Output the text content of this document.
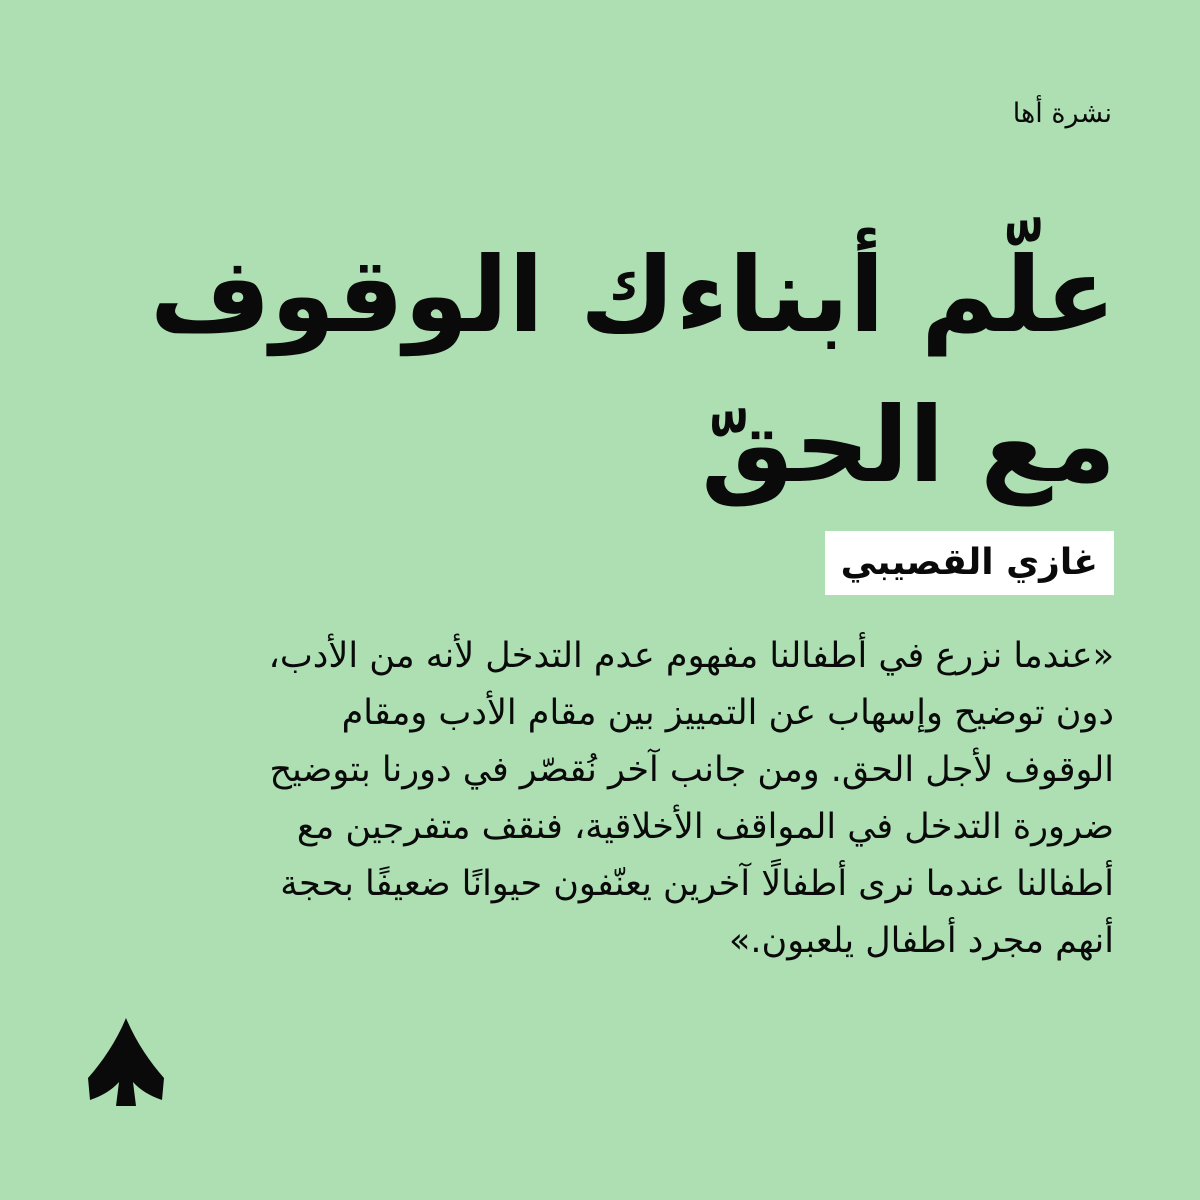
نشرة أها
علّم أبناءك الوقوف
مع الحقّ
غازي القصيبي

«عندما نزرع في أطفالنا مفهوم عدم التدخل لأنه من الأدب،
دون توضيح وإسهاب عن التمييز بين مقام الأدب ومقام
الوقوف لأجل الحق. ومن جانب آخر نُقصّر في دورنا بتوضيح
ضرورة التدخل في المواقف الأخلاقية، فنقف متفرجين مع
أطفالنا عندما نرى أطفالًا آخرين يعنّفون حيوانًا ضعيفًا بحجة
أنهم مجرد أطفال يلعبون.»
